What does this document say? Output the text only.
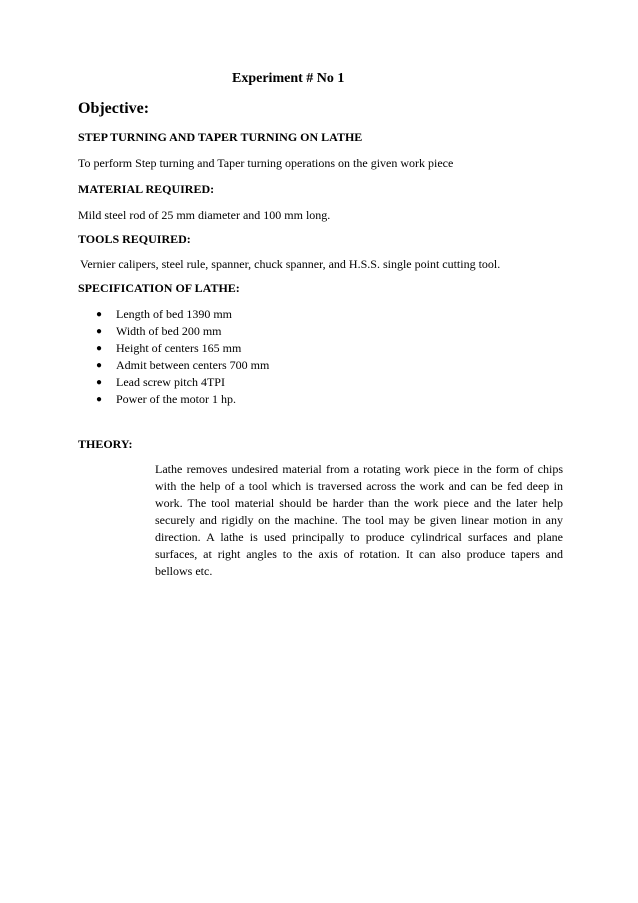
Experiment # No 1
Objective:
STEP TURNING AND TAPER TURNING ON LATHE
To perform Step turning and Taper turning operations on the given work piece
MATERIAL REQUIRED:
Mild steel rod of 25 mm diameter and 100 mm long.
TOOLS REQUIRED:
Vernier calipers, steel rule, spanner, chuck spanner, and H.S.S. single point cutting tool.
SPECIFICATION OF LATHE:
● Length of bed 1390 mm
● Width of bed 200 mm
● Height of centers 165 mm
● Admit between centers 700 mm
● Lead screw pitch 4TPI
● Power of the motor 1 hp.
THEORY:

Lathe removes undesired material from a rotating work piece in the form of chips with the help of a tool which is traversed across the work and can be fed deep in work. The tool material should be harder than the work piece and the later help securely and rigidly on the machine. The tool may be given linear motion in any direction. A lathe is used principally to produce cylindrical surfaces and plane surfaces, at right angles to the axis of rotation. It can also produce tapers and bellows etc.
